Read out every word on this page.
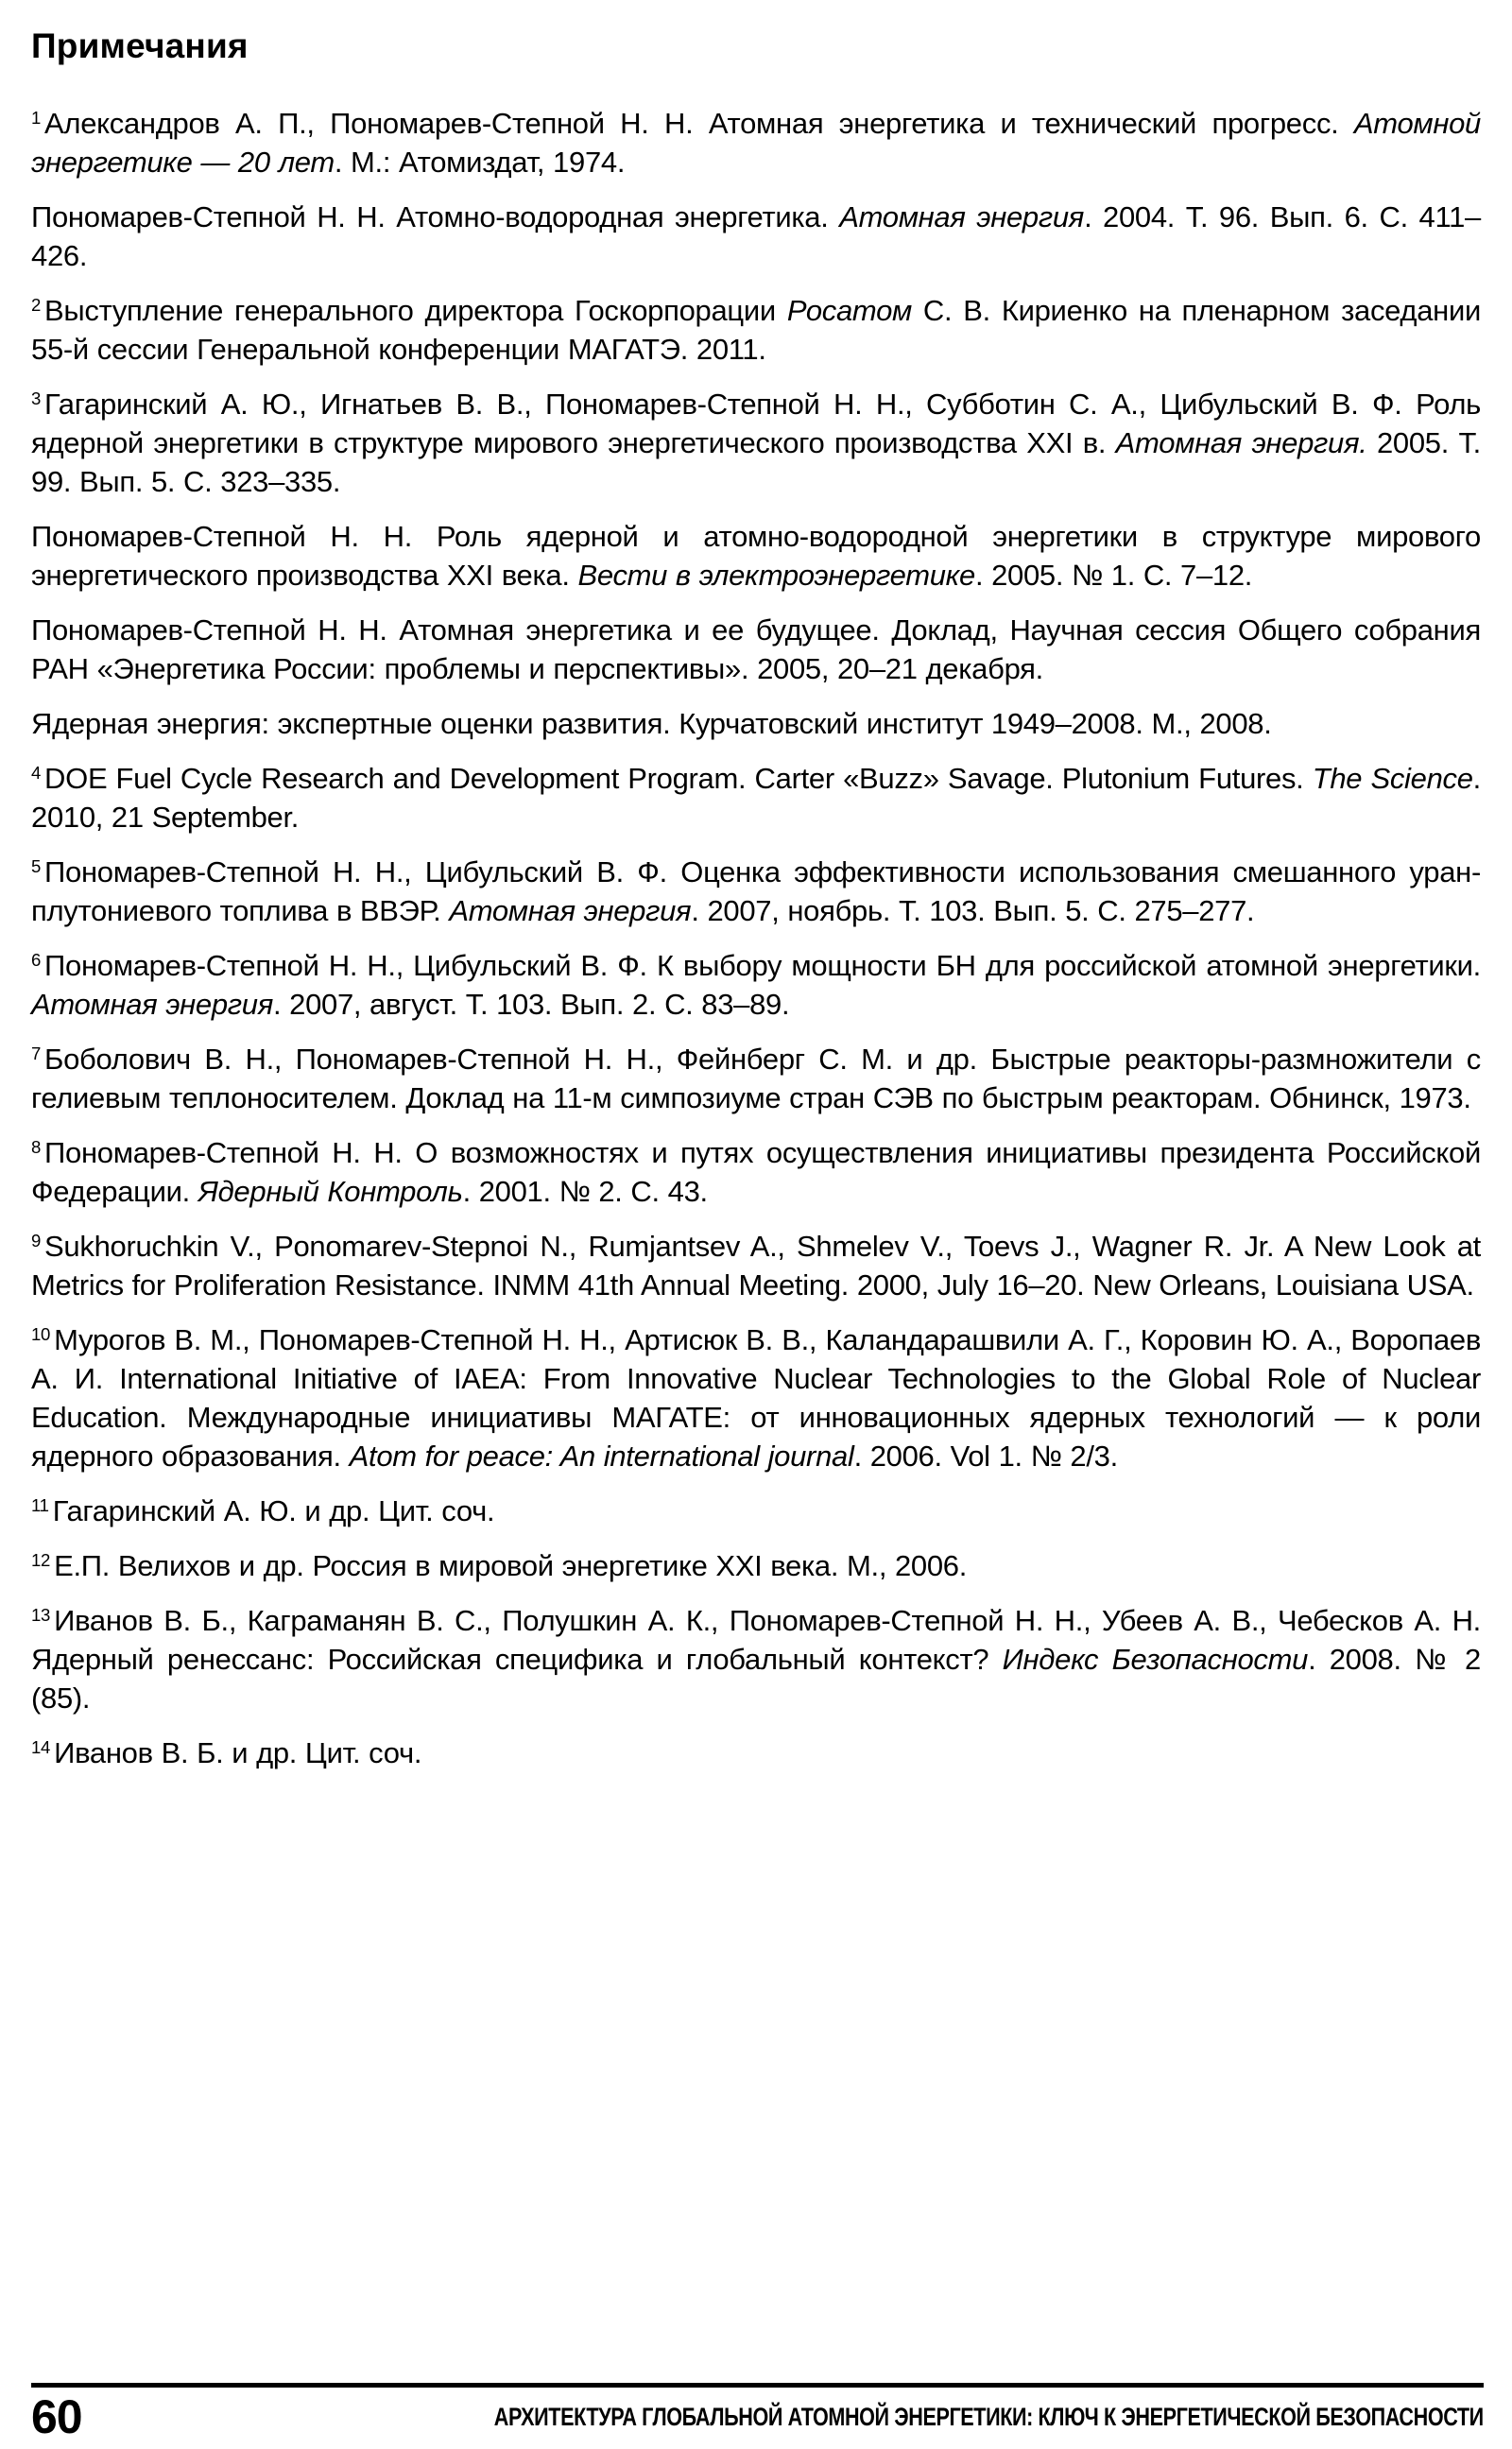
Примечания

$^1$ Александров А. П., Пономарев-Степной Н. Н. Атомная энергетика и технический прогресс. Атомной энергетике — 20 лет. М.: Атомиздат, 1974.

Пономарев-Степной Н. Н. Атомно-водородная энергетика. Атомная энергия. 2004. Т. 96. Вып. 6. С. 411–426.

$^2$ Выступление генерального директора Госкорпорации Росатом С. В. Кириенко на пленарном заседании 55-й сессии Генеральной конференции МАГАТЭ. 2011.

$^3$ Гагаринский А. Ю., Игнатьев В. В., Пономарев-Степной Н. Н., Субботин С. А., Цибульский В. Ф. Роль ядерной энергетики в структуре мирового энергетического производства XXI в. Атомная энергия. 2005. Т. 99. Вып. 5. С. 323–335.

Пономарев-Степной Н. Н. Роль ядерной и атомно-водородной энергетики в структуре мирового энергетического производства XXI века. Вести в электроэнергетике. 2005. № 1. С. 7–12.

Пономарев-Степной Н. Н. Атомная энергетика и ее будущее. Доклад, Научная сессия Общего собрания РАН «Энергетика России: проблемы и перспективы». 2005, 20–21 декабря.

Ядерная энергия: экспертные оценки развития. Курчатовский институт 1949–2008. М., 2008.

$^4$ DOE Fuel Cycle Research and Development Program. Carter «Buzz» Savage. Plutonium Futures. The Science. 2010, 21 September.

$^5$ Пономарев-Степной Н. Н., Цибульский В. Ф. Оценка эффективности использования смешанного уран-плутониевого топлива в ВВЭР. Атомная энергия. 2007, ноябрь. Т. 103. Вып. 5. С. 275–277.

$^6$ Пономарев-Степной Н. Н., Цибульский В. Ф. К выбору мощности БН для российской атомной энергетики. Атомная энергия. 2007, август. Т. 103. Вып. 2. С. 83–89.

$^7$ Боболович В. Н., Пономарев-Степной Н. Н., Фейнберг С. М. и др. Быстрые реакторы-размножители с гелиевым теплоносителем. Доклад на 11-м симпозиуме стран СЭВ по быстрым реакторам. Обнинск, 1973.

$^8$ Пономарев-Степной Н. Н. О возможностях и путях осуществления инициативы президента Российской Федерации. Ядерный Контроль. 2001. № 2. С. 43.

$^9$ Sukhoruchkin V., Ponomarev-Stepnoi N., Rumjantsev A., Shmelev V., Toevs J., Wagner R. Jr. A New Look at Metrics for Proliferation Resistance. INMM 41th Annual Meeting. 2000, July 16–20. New Orleans, Louisiana USA.

$^{10}$ Мурогов В. М., Пономарев-Степной Н. Н., Артисюк В. В., Каландарашвили А. Г., Коровин Ю. А., Воропаев А. И. International Initiative of IAEA: From Innovative Nuclear Technologies to the Global Role of Nuclear Education. Международные инициативы МАГАТЕ: от инновационных ядерных технологий — к роли ядерного образования. Atom for peace: An international journal. 2006. Vol 1. № 2/3.

$^{11}$ Гагаринский А. Ю. и др. Цит. соч.

$^{12}$ Е.П. Велихов и др. Россия в мировой энергетике XXI века. М., 2006.

$^{13}$ Иванов В. Б., Каграманян В. С., Полушкин А. К., Пономарев-Степной Н. Н., Убеев А. В., Чебесков А. Н. Ядерный ренессанс: Российская специфика и глобальный контекст? Индекс Безопасности. 2008. № 2 (85).

$^{14}$ Иванов В. Б. и др. Цит. соч.

60	АРХИТЕКТУРА ГЛОБАЛЬНОЙ АТОМНОЙ ЭНЕРГЕТИКИ: КЛЮЧ К ЭНЕРГЕТИЧЕСКОЙ БЕЗОПАСНОСТИ
